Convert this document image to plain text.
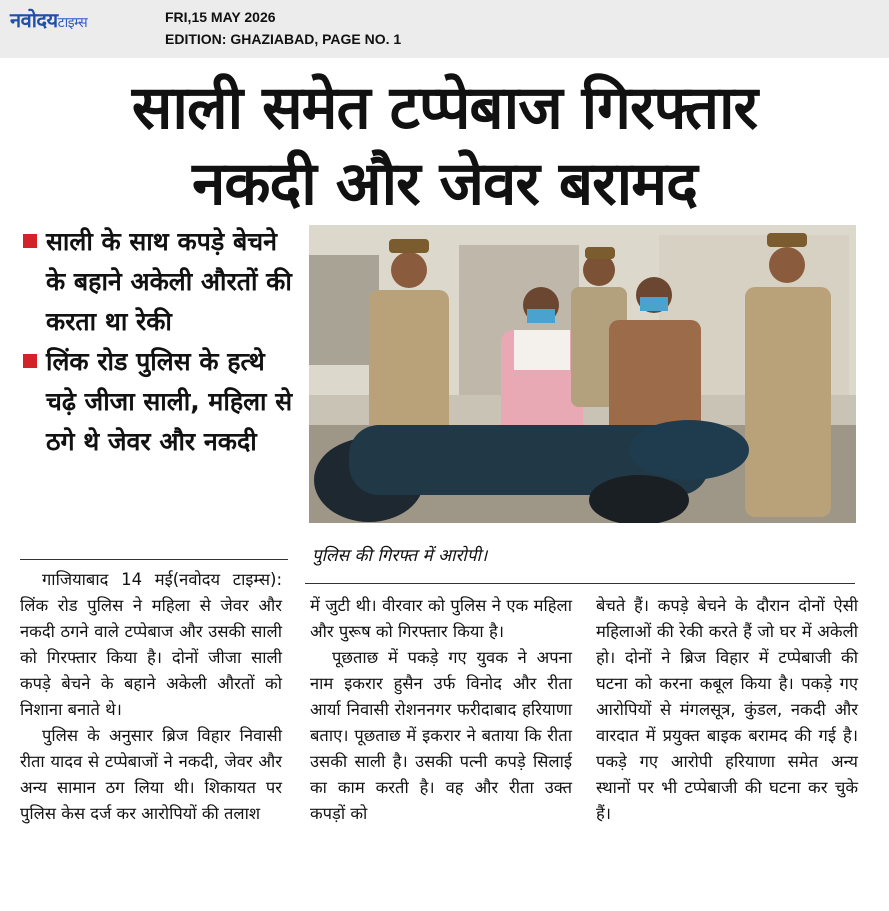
नवोदयटाइम्स	FRI,15 MAY 2026
EDITION: GHAZIABAD, PAGE NO. 1
साली समेत टप्पेबाज गिरफ्तार
नकदी और जेवर बरामद
साली के साथ कपड़े बेचने के बहाने अकेली औरतों की करता था रेकी
लिंक रोड पुलिस के हत्थे चढ़े जीजा साली, महिला से ठगे थे जेवर और नकदी
पुलिस की गिरफ्त में आरोपी।

गाजियाबाद 14 मई(नवोदय टाइम्स): लिंक रोड पुलिस ने महिला से जेवर और नकदी ठगने वाले टप्पेबाज और उसकी साली को गिरफ्तार किया है। दोनों जीजा साली कपड़े बेचने के बहाने अकेली औरतों को निशाना बनाते थे।

पुलिस के अनुसार ब्रिज विहार निवासी रीता यादव से टप्पेबाजों ने नकदी, जेवर और अन्य सामान ठग लिया थी। शिकायत पर पुलिस केस दर्ज कर आरोपियों की तलाश

में जुटी थी। वीरवार को पुलिस ने एक महिला और पुरूष को गिरफ्तार किया है।

पूछताछ में पकड़े गए युवक ने अपना नाम इकरार हुसैन उर्फ विनोद और रीता आर्या निवासी रोशननगर फरीदाबाद हरियाणा बताए। पूछताछ में इकरार ने बताया कि रीता उसकी साली है। उसकी पत्नी कपड़े सिलाई का काम करती है। वह और रीता उक्त कपड़ों को

बेचते हैं। कपड़े बेचने के दौरान दोनों ऐसी महिलाओं की रेकी करते हैं जो घर में अकेली हो। दोनों ने ब्रिज विहार में टप्पेबाजी की घटना को करना कबूल किया है। पकड़े गए आरोपियों से मंगलसूत्र, कुंडल, नकदी और वारदात में प्रयुक्त बाइक बरामद की गई है। पकड़े गए आरोपी हरियाणा समेत अन्य स्थानों पर भी टप्पेबाजी की घटना कर चुके हैं।
